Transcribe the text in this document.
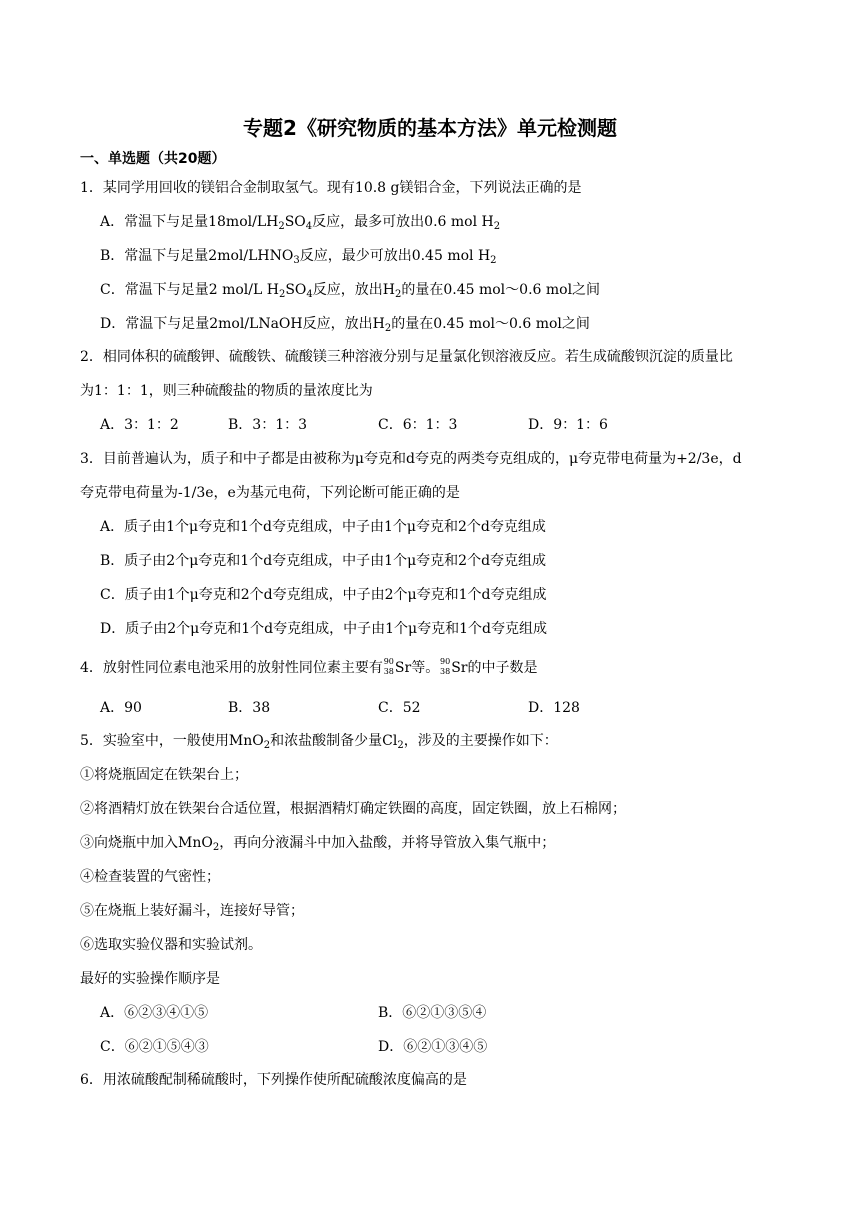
专题2《研究物质的基本方法》单元检测题
一、单选题（共20题）
1．某同学用回收的镁铝合金制取氢气。现有10.8 g镁铝合金，下列说法正确的是
A．常温下与足量$18mol/LH_2SO_4$反应，最多可放出0.6 mol $H_2$
B．常温下与足量$2mol/LHNO_3$反应，最少可放出0.45 mol $H_2$
C．常温下与足量2 mol/L $H_2SO_4$反应，放出$H_2$的量在0.45 mol～0.6 mol之间
D．常温下与足量2mol/LNaOH反应，放出$H_2$的量在0.45 mol～0.6 mol之间
2．相同体积的硫酸钾、硫酸铁、硫酸镁三种溶液分别与足量氯化钡溶液反应。若生成硫酸钡沉淀的质量比
为1：1：1，则三种硫酸盐的物质的量浓度比为
A．3：1：2	B．3：1：3	C．6：1：3	D．9：1：6
3．目前普遍认为，质子和中子都是由被称为μ夸克和d夸克的两类夸克组成的，μ夸克带电荷量为+2/3e，d
夸克带电荷量为-1/3e，e为基元电荷，下列论断可能正确的是
A．质子由1个μ夸克和1个d夸克组成，中子由1个μ夸克和2个d夸克组成
B．质子由2个μ夸克和1个d夸克组成，中子由1个μ夸克和2个d夸克组成
C．质子由1个μ夸克和2个d夸克组成，中子由2个μ夸克和1个d夸克组成
D．质子由2个μ夸克和1个d夸克组成，中子由1个μ夸克和1个d夸克组成
4．放射性同位素电池采用的放射性同位素主要有 90
38 Sr等。 90
38 Sr的中子数是
A．90	B．38	C．52	D．128
5．实验室中，一般使用MnO$_2$和浓盐酸制备少量$Cl_2$，涉及的主要操作如下：
①将烧瓶固定在铁架台上；
②将酒精灯放在铁架台合适位置，根据酒精灯确定铁圈的高度，固定铁圈，放上石棉网；
③向烧瓶中加入MnO$_2$，再向分液漏斗中加入盐酸，并将导管放入集气瓶中；
④检查装置的气密性；
⑤在烧瓶上装好漏斗，连接好导管；
⑥选取实验仪器和实验试剂。
最好的实验操作顺序是
A．⑥②③④①⑤	B．⑥②①③⑤④
C．⑥②①⑤④③	D．⑥②①③④⑤
6．用浓硫酸配制稀硫酸时，下列操作使所配硫酸浓度偏高的是
